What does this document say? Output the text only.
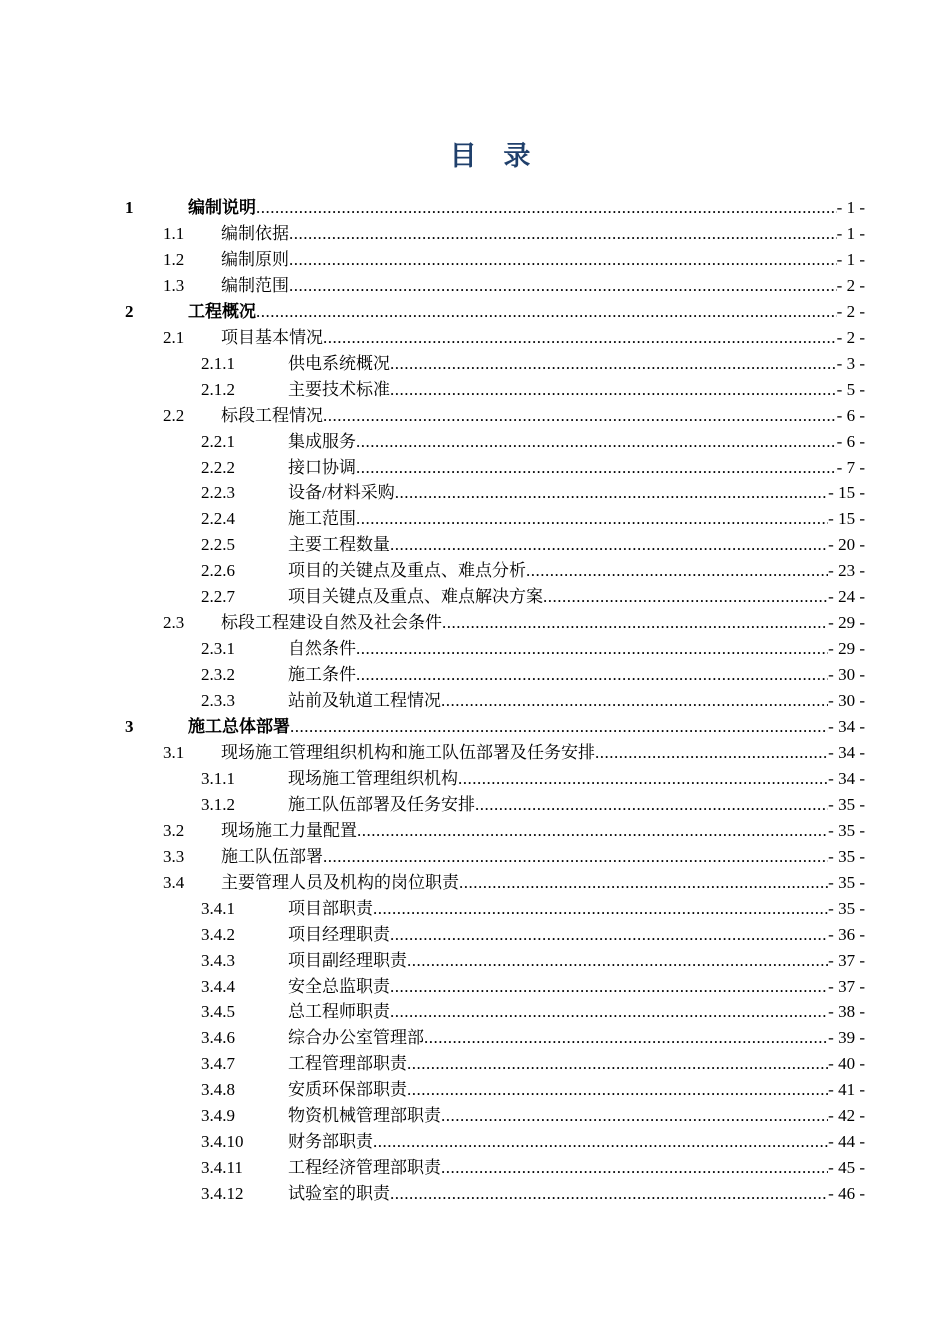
目 录
1	编制说明 .....	- 1 -
1.1	编制依据 .....	- 1 -
1.2	编制原则 .....	- 1 -
1.3	编制范围 .....	- 2 -
2	工程概况 .....	- 2 -
2.1	项目基本情况 .....	- 2 -
2.1.1	供电系统概况 .....	- 3 -
2.1.2	主要技术标准 .....	- 5 -
2.2	标段工程情况 .....	- 6 -
2.2.1	集成服务 .....	- 6 -
2.2.2	接口协调 .....	- 7 -
2.2.3	设备/材料采购 .....	- 15 -
2.2.4	施工范围 .....	- 15 -
2.2.5	主要工程数量 .....	- 20 -
2.2.6	项目的关键点及重点、难点分析 .....	- 23 -
2.2.7	项目关键点及重点、难点解决方案 .....	- 24 -
2.3	标段工程建设自然及社会条件 .....	- 29 -
2.3.1	自然条件 .....	- 29 -
2.3.2	施工条件 .....	- 30 -
2.3.3	站前及轨道工程情况 .....	- 30 -
3	施工总体部署 .....	- 34 -
3.1	现场施工管理组织机构和施工队伍部署及任务安排 .....	- 34 -
3.1.1	现场施工管理组织机构 .....	- 34 -
3.1.2	施工队伍部署及任务安排 .....	- 35 -
3.2	现场施工力量配置 .....	- 35 -
3.3	施工队伍部署 .....	- 35 -
3.4	主要管理人员及机构的岗位职责 .....	- 35 -
3.4.1	项目部职责 .....	- 35 -
3.4.2	项目经理职责 .....	- 36 -
3.4.3	项目副经理职责 .....	- 37 -
3.4.4	安全总监职责 .....	- 37 -
3.4.5	总工程师职责 .....	- 38 -
3.4.6	综合办公室管理部 .....	- 39 -
3.4.7	工程管理部职责 .....	- 40 -
3.4.8	安质环保部职责 .....	- 41 -
3.4.9	物资机械管理部职责 .....	- 42 -
3.4.10	财务部职责 .....	- 44 -
3.4.11	工程经济管理部职责 .....	- 45 -
3.4.12	试验室的职责 .....	- 46 -
